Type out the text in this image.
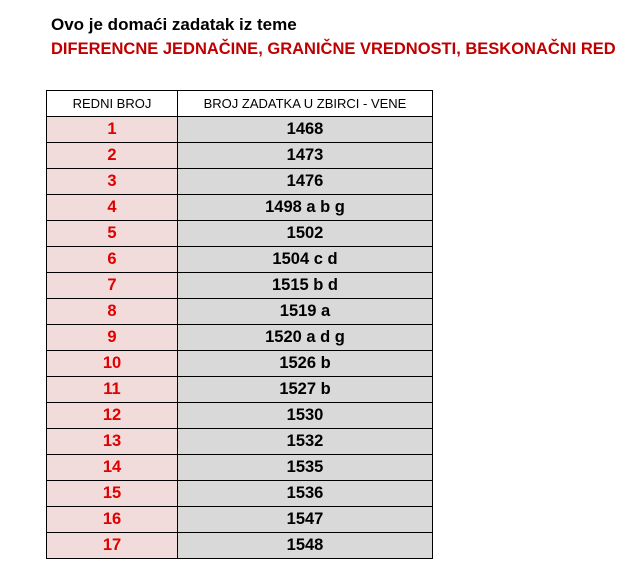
Ovo je domaći zadatak iz teme
DIFERENCNE JEDNAČINE, GRANIČNE VREDNOSTI, BESKONAČNI RED
REDNI BROJ	BROJ ZADATKA U ZBIRCI - VENE
1	1468
2	1473
3	1476
4	1498 a b g
5	1502
6	1504 c d
7	1515 b d
8	1519 a
9	1520 a d g
10	1526 b
11	1527 b
12	1530
13	1532
14	1535
15	1536
16	1547
17	1548
